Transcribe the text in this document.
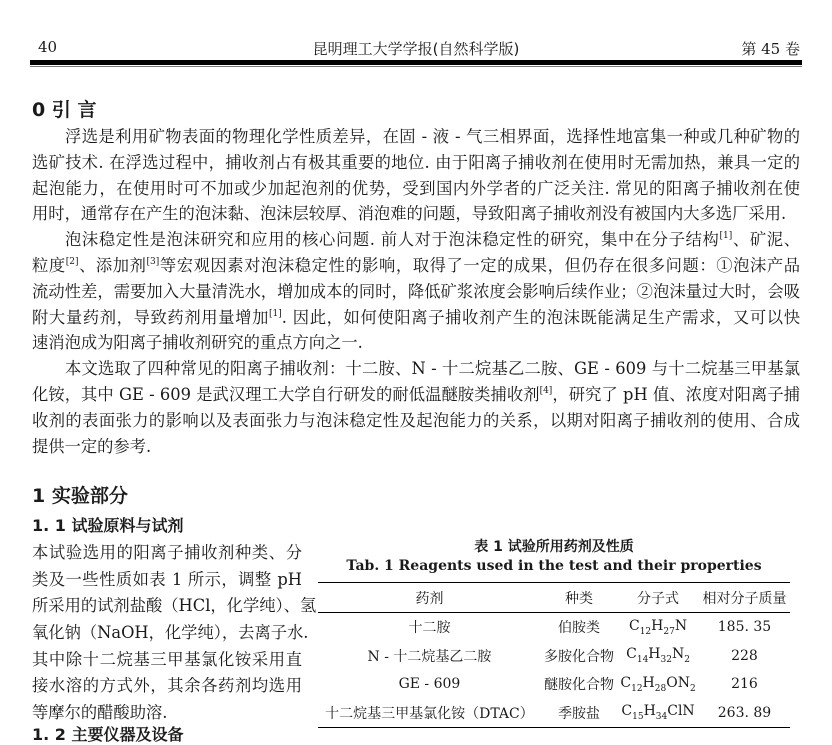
40	昆明理工大学学报(自然科学版)	第 45 卷
0 引 言
浮选是利用矿物表面的物理化学性质差异，在固 - 液 - 气三相界面，选择性地富集一种或几种矿物的
选矿技术. 在浮选过程中，捕收剂占有极其重要的地位. 由于阳离子捕收剂在使用时无需加热，兼具一定的
起泡能力，在使用时可不加或少加起泡剂的优势，受到国内外学者的广泛关注. 常见的阳离子捕收剂在使
用时，通常存在产生的泡沫黏、泡沫层较厚、消泡难的问题，导致阳离子捕收剂没有被国内大多选厂采用.
泡沫稳定性是泡沫研究和应用的核心问题. 前人对于泡沫稳定性的研究，集中在分子结构[1]、矿泥、
粒度[2]、添加剂[3]等宏观因素对泡沫稳定性的影响，取得了一定的成果，但仍存在很多问题：①泡沫产品
流动性差，需要加入大量清洗水，增加成本的同时，降低矿浆浓度会影响后续作业；②泡沫量过大时，会吸
附大量药剂，导致药剂用量增加[1]. 因此，如何使阳离子捕收剂产生的泡沫既能满足生产需求，又可以快
速消泡成为阳离子捕收剂研究的重点方向之一.
本文选取了四种常见的阳离子捕收剂：十二胺、N - 十二烷基乙二胺、GE - 609 与十二烷基三甲基氯
化铵，其中 GE - 609 是武汉理工大学自行研发的耐低温醚胺类捕收剂[4]，研究了 pH 值、浓度对阳离子捕
收剂的表面张力的影响以及表面张力与泡沫稳定性及起泡能力的关系，以期对阳离子捕收剂的使用、合成
提供一定的参考.
1 实验部分
1. 1 试验原料与试剂
本试验选用的阳离子捕收剂种类、分
类及一些性质如表 1 所示，调整 pH
所采用的试剂盐酸（HCl，化学纯）、氢
氧化钠（NaOH，化学纯），去离子水.
其中除十二烷基三甲基氯化铵采用直
接水溶的方式外，其余各药剂均选用
等摩尔的醋酸助溶.
1. 2 主要仪器及设备
表 1 试验所用药剂及性质
Tab. 1 Reagents used in the test and their properties
药剂	种类	分子式	相对分子质量
十二胺	伯胺类	$C_{12}H_{27}N$	185. 35
N - 十二烷基乙二胺	多胺化合物	$C_{14}H_{32}N_2$	228
GE - 609	醚胺化合物	$C_{12}H_{28}ON_2$	216
十二烷基三甲基氯化铵（DTAC）	季胺盐	$C_{15}H_{34}ClN$	263. 89
